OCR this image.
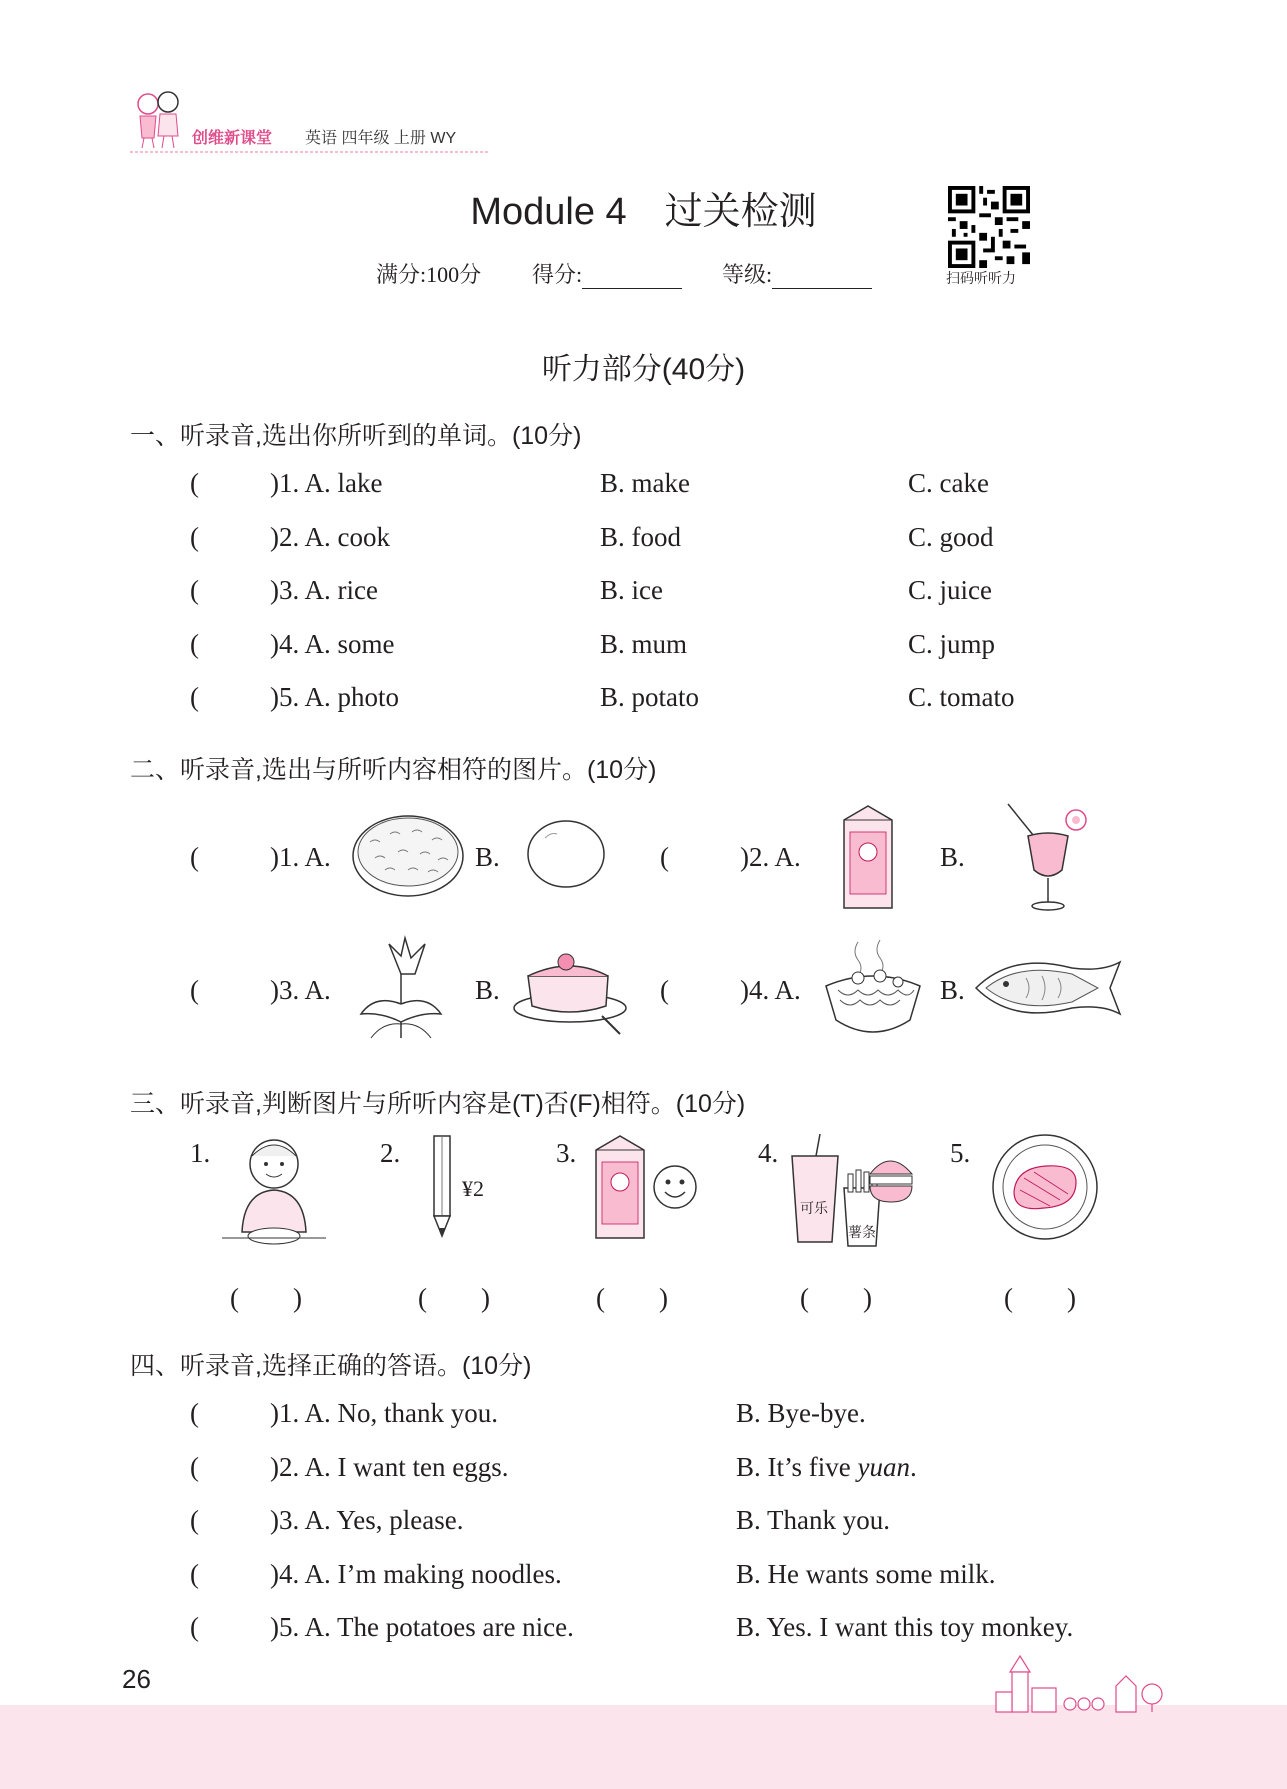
创维新课堂 英语 四年级 上册 WY
Module 4　过关检测
满分:100分 得分:	等级:	扫码听听力
听力部分(40分)
一、听录音,选出你所听到的单词。(10分)
(	)1. A. lake	B. make	C. cake
(	)2. A. cook	B. food	C. good
(	)3. A. rice	B. ice	C. juice
(	)4. A. some	B. mum	C. jump
(	)5. A. photo	B. potato	C. tomato
二、听录音,选出与所听内容相符的图片。(10分)
(	)1. A.	B.	(	)2. A.	B.
(	)3. A.	B.	(	)4. A.	B.
三、听录音,判断图片与所听内容是(T)否(F)相符。(10分)
1.
(　　)
2.
¥2
(　　)
3.
(　　)
4.
可乐
薯条
(　　)
5.
(　　)
四、听录音,选择正确的答语。(10分)
(	)1. A. No, thank you.	B. Bye-bye.
(	)2. A. I want ten eggs.	B. It’s five yuan.
(	)3. A. Yes, please.	B. Thank you.
(	)4. A. I’m making noodles.	B. He wants some milk.
(	)5. A. The potatoes are nice.	B. Yes. I want this toy monkey.
26
